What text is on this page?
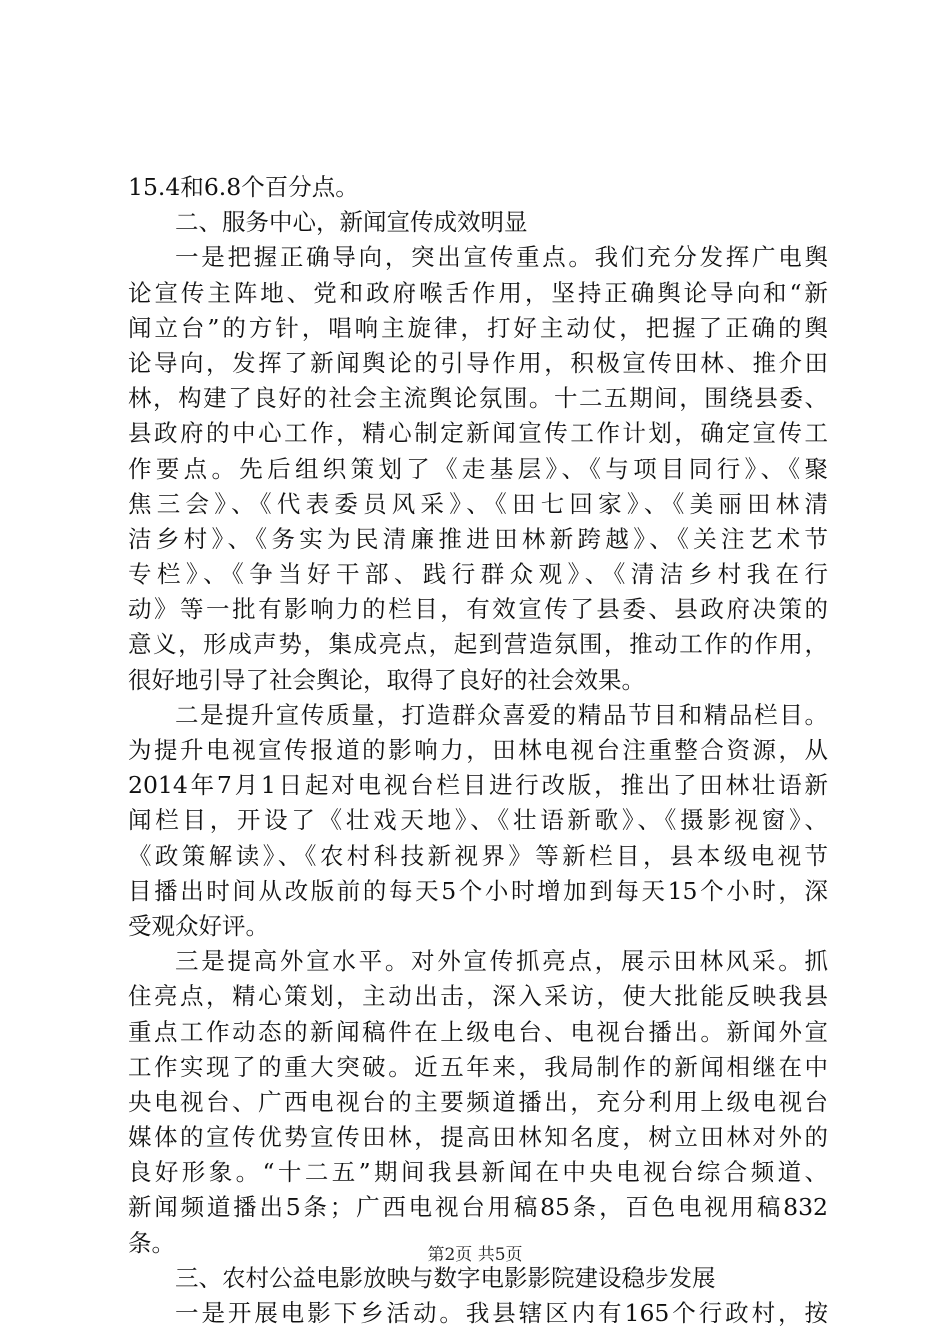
15.4和6.8个百分点。
二、服务中心，新闻宣传成效明显
一是把握正确导向，突出宣传重点。我们充分发挥广电舆
论宣传主阵地、党和政府喉舌作用，坚持正确舆论导向和“新
闻立台”的方针，唱响主旋律，打好主动仗，把握了正确的舆
论导向，发挥了新闻舆论的引导作用，积极宣传田林、推介田
林，构建了良好的社会主流舆论氛围。十二五期间，围绕县委、
县政府的中心工作，精心制定新闻宣传工作计划，确定宣传工
作要点。先后组织策划了《走基层》、《与项目同行》、《聚
焦三会》、《代表委员风采》、《田七回家》、《美丽田林清
洁乡村》、《务实为民清廉推进田林新跨越》、《关注艺术节
专栏》、《争当好干部、践行群众观》、《清洁乡村我在行
动》等一批有影响力的栏目，有效宣传了县委、县政府决策的
意义，形成声势，集成亮点，起到营造氛围，推动工作的作用，
很好地引导了社会舆论，取得了良好的社会效果。
二是提升宣传质量，打造群众喜爱的精品节目和精品栏目。
为提升电视宣传报道的影响力，田林电视台注重整合资源，从
2014年7月1日起对电视台栏目进行改版，推出了田林壮语新
闻栏目，开设了《壮戏天地》、《壮语新歌》、《摄影视窗》、
《政策解读》、《农村科技新视界》等新栏目，县本级电视节
目播出时间从改版前的每天5个小时增加到每天15个小时，深
受观众好评。
三是提高外宣水平。对外宣传抓亮点，展示田林风采。抓
住亮点，精心策划，主动出击，深入采访，使大批能反映我县
重点工作动态的新闻稿件在上级电台、电视台播出。新闻外宣
工作实现了的重大突破。近五年来，我局制作的新闻相继在中
央电视台、广西电视台的主要频道播出，充分利用上级电视台
媒体的宣传优势宣传田林，提高田林知名度，树立田林对外的
良好形象。“十二五”期间我县新闻在中央电视台综合频道、
新闻频道播出5条；广西电视台用稿85条，百色电视用稿832
条。
三、农村公益电影放映与数字电影影院建设稳步发展
一是开展电影下乡活动。我县辖区内有165个行政村，按
第2页 共5页
